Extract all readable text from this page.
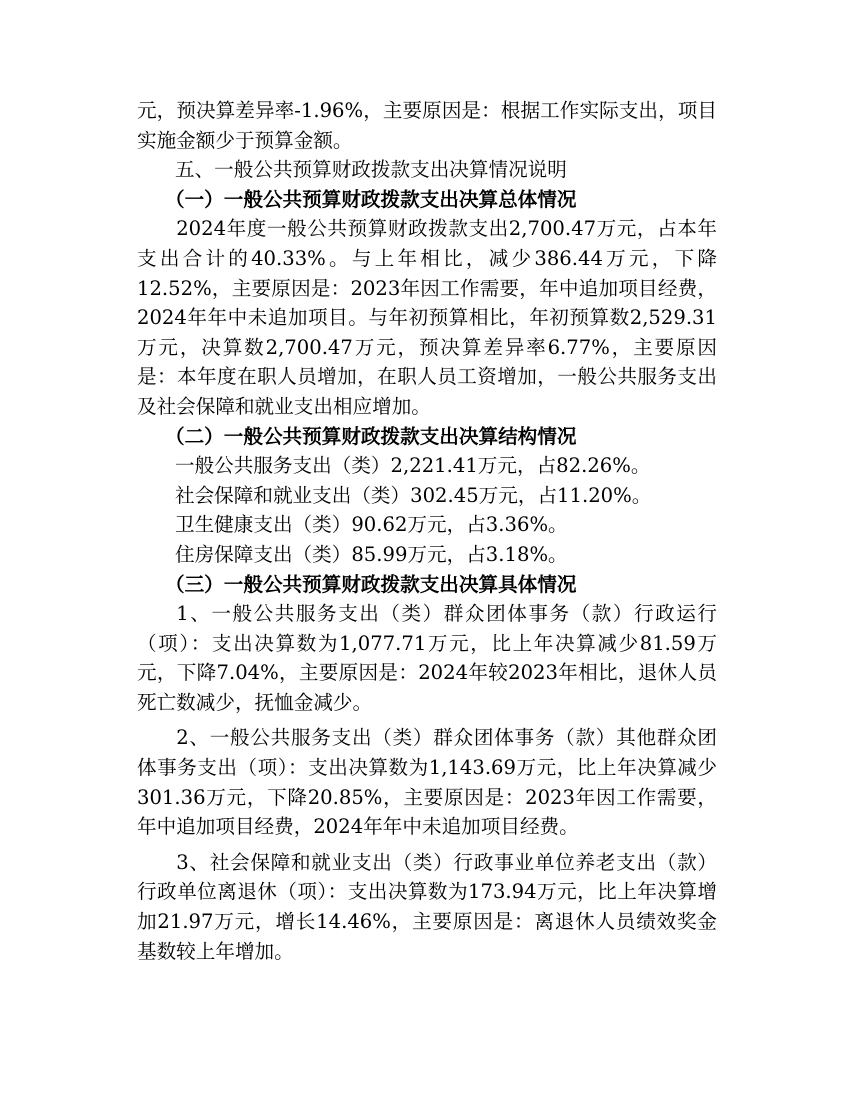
元，预决算差异率-1.96%，主要原因是：根据工作实际支出，项目实施金额少于预算金额。

五、一般公共预算财政拨款支出决算情况说明

（一）一般公共预算财政拨款支出决算总体情况

2024年度一般公共预算财政拨款支出2,700.47万元，占本年支出合计的40.33%。与上年相比，减少386.44万元，下降12.52%，主要原因是：2023年因工作需要，年中追加项目经费，2024年年中未追加项目。与年初预算相比，年初预算数2,529.31万元，决算数2,700.47万元，预决算差异率6.77%，主要原因是：本年度在职人员增加，在职人员工资增加，一般公共服务支出及社会保障和就业支出相应增加。

（二）一般公共预算财政拨款支出决算结构情况

一般公共服务支出（类）2,221.41万元，占82.26%。

社会保障和就业支出（类）302.45万元，占11.20%。

卫生健康支出（类）90.62万元，占3.36%。

住房保障支出（类）85.99万元，占3.18%。

（三）一般公共预算财政拨款支出决算具体情况

1、一般公共服务支出（类）群众团体事务（款）行政运行（项）：支出决算数为1,077.71万元，比上年决算减少81.59万元，下降7.04%，主要原因是：2024年较2023年相比，退休人员死亡数减少，抚恤金减少。

2、一般公共服务支出（类）群众团体事务（款）其他群众团体事务支出（项）：支出决算数为1,143.69万元，比上年决算减少301.36万元，下降20.85%，主要原因是：2023年因工作需要，年中追加项目经费，2024年年中未追加项目经费。

3、社会保障和就业支出（类）行政事业单位养老支出（款）行政单位离退休（项）：支出决算数为173.94万元，比上年决算增加21.97万元，增长14.46%，主要原因是：离退休人员绩效奖金基数较上年增加。
